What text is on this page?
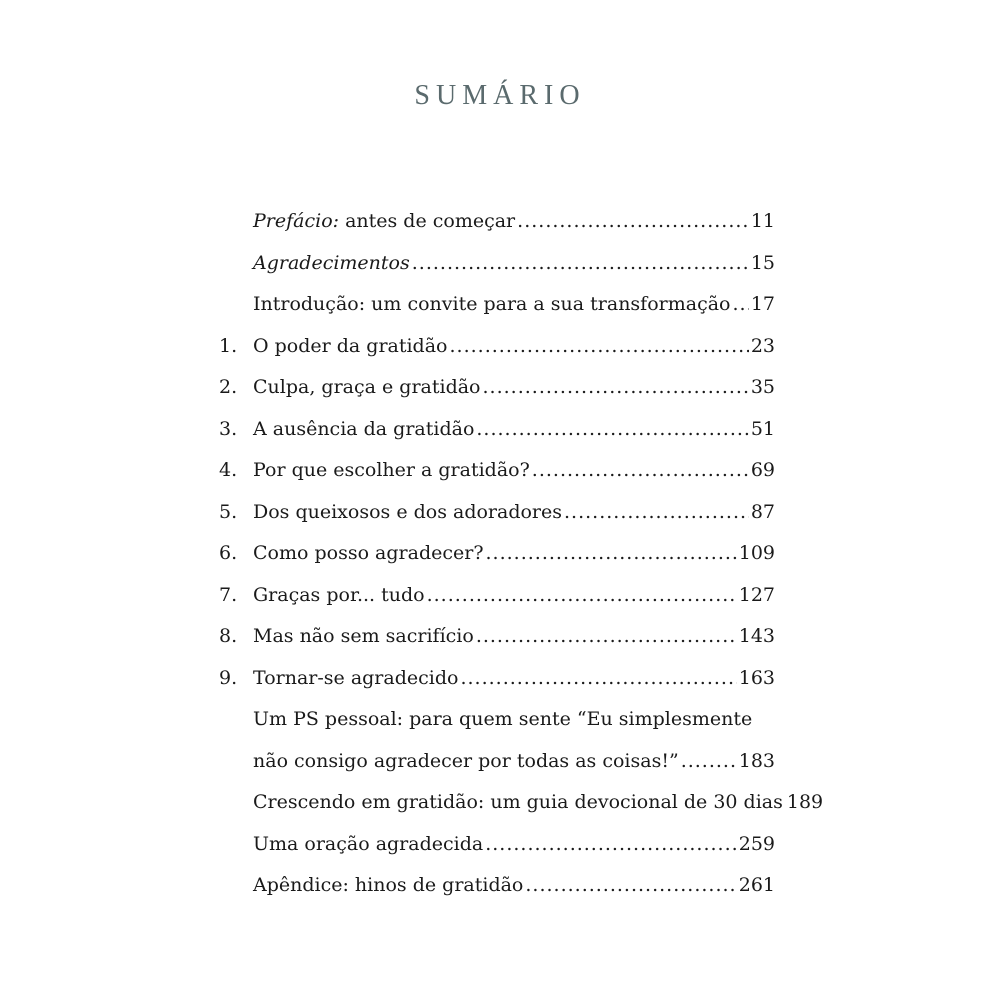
SUMÁRIO
Prefácio: antes de começar .....	11
Agradecimentos .....	15
Introdução: um convite para a sua transformação ..... 17
1. O poder da gratidão .....	23
2. Culpa, graça e gratidão .....	35
3. A ausência da gratidão .....	51
4. Por que escolher a gratidão? .....	69
5. Dos queixosos e dos adoradores .....	87
6. Como posso agradecer? .....	109
7. Graças por... tudo .....	127
8. Mas não sem sacrifício .....	143
9. Tornar-se agradecido .....	163
Um PS pessoal: para quem sente “Eu simplesmente
não consigo agradecer por todas as coisas!” .....	183
Crescendo em gratidão: um guia devocional de 30 dias 189
Uma oração agradecida .....	259
Apêndice: hinos de gratidão .....	261
